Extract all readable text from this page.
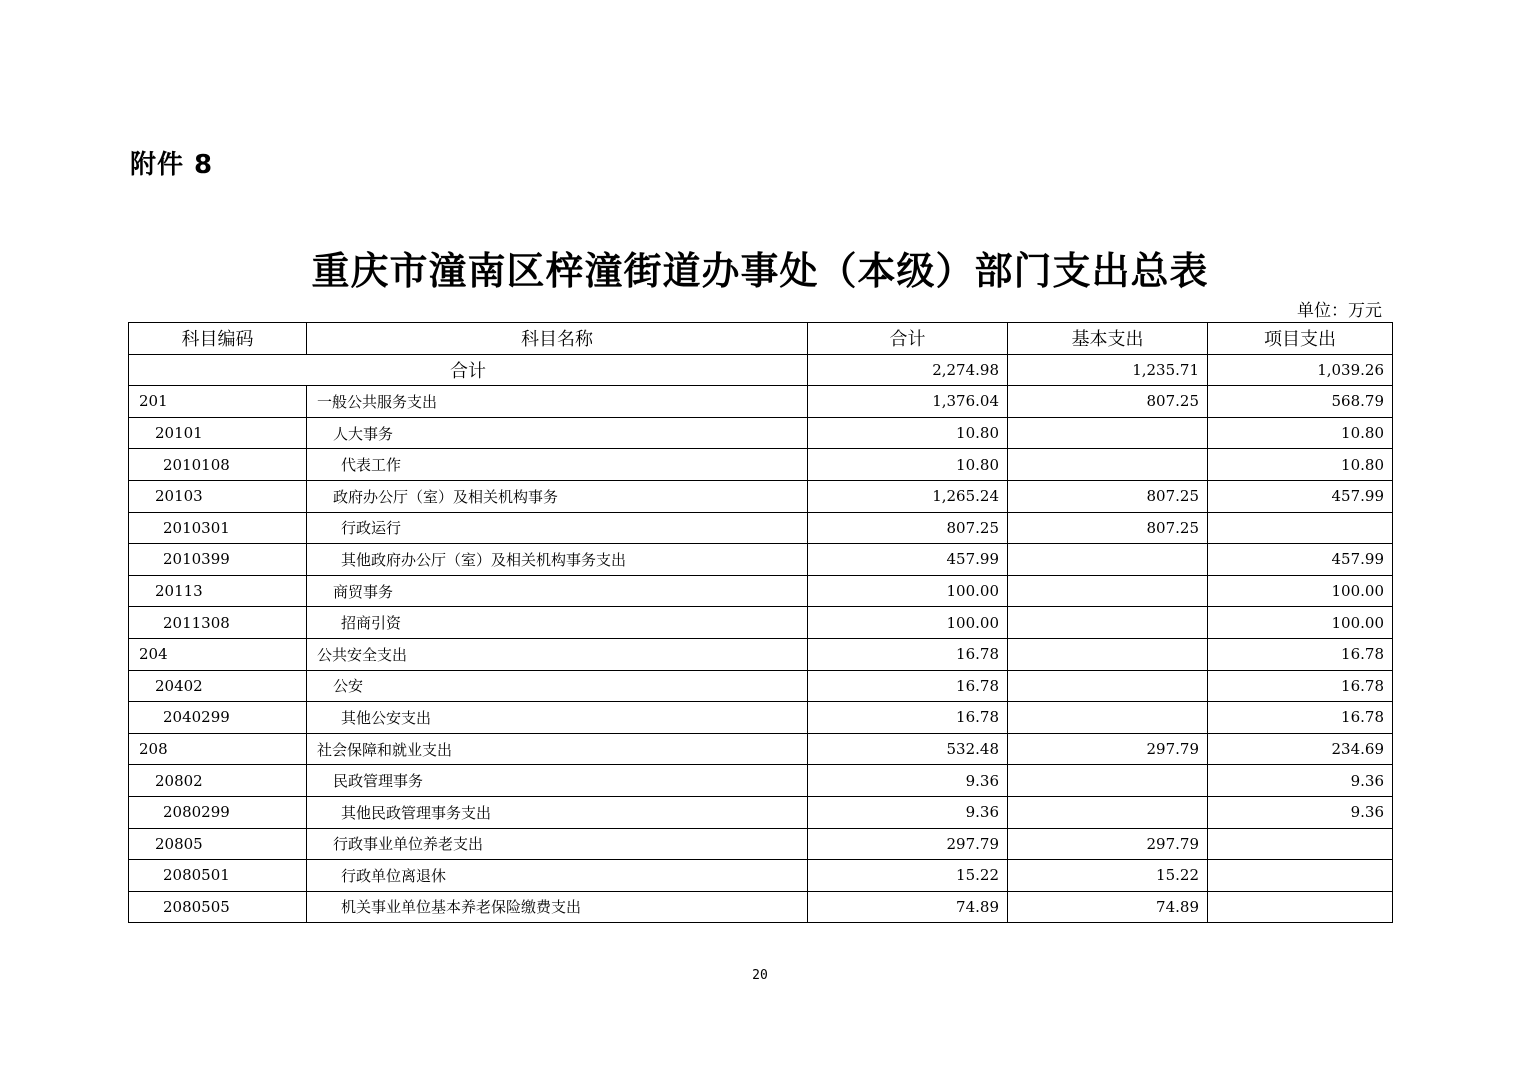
附件 8
重庆市潼南区梓潼街道办事处（本级）部门支出总表
单位：万元
科目编码	科目名称	合计	基本支出	项目支出
合计		2,274.98	1,235.71	1,039.26
201	一般公共服务支出	1,376.04	807.25	568.79
20101	人大事务	10.80		10.80
2010108	代表工作	10.80		10.80
20103	政府办公厅（室）及相关机构事务	1,265.24	807.25	457.99
2010301	行政运行	807.25	807.25	
2010399	其他政府办公厅（室）及相关机构事务支出	457.99		457.99
20113	商贸事务	100.00		100.00
2011308	招商引资	100.00		100.00
204	公共安全支出	16.78		16.78
20402	公安	16.78		16.78
2040299	其他公安支出	16.78		16.78
208	社会保障和就业支出	532.48	297.79	234.69
20802	民政管理事务	9.36		9.36
2080299	其他民政管理事务支出	9.36		9.36
20805	行政事业单位养老支出	297.79	297.79	
2080501	行政单位离退休	15.22	15.22	
2080505	机关事业单位基本养老保险缴费支出	74.89	74.89	
20
